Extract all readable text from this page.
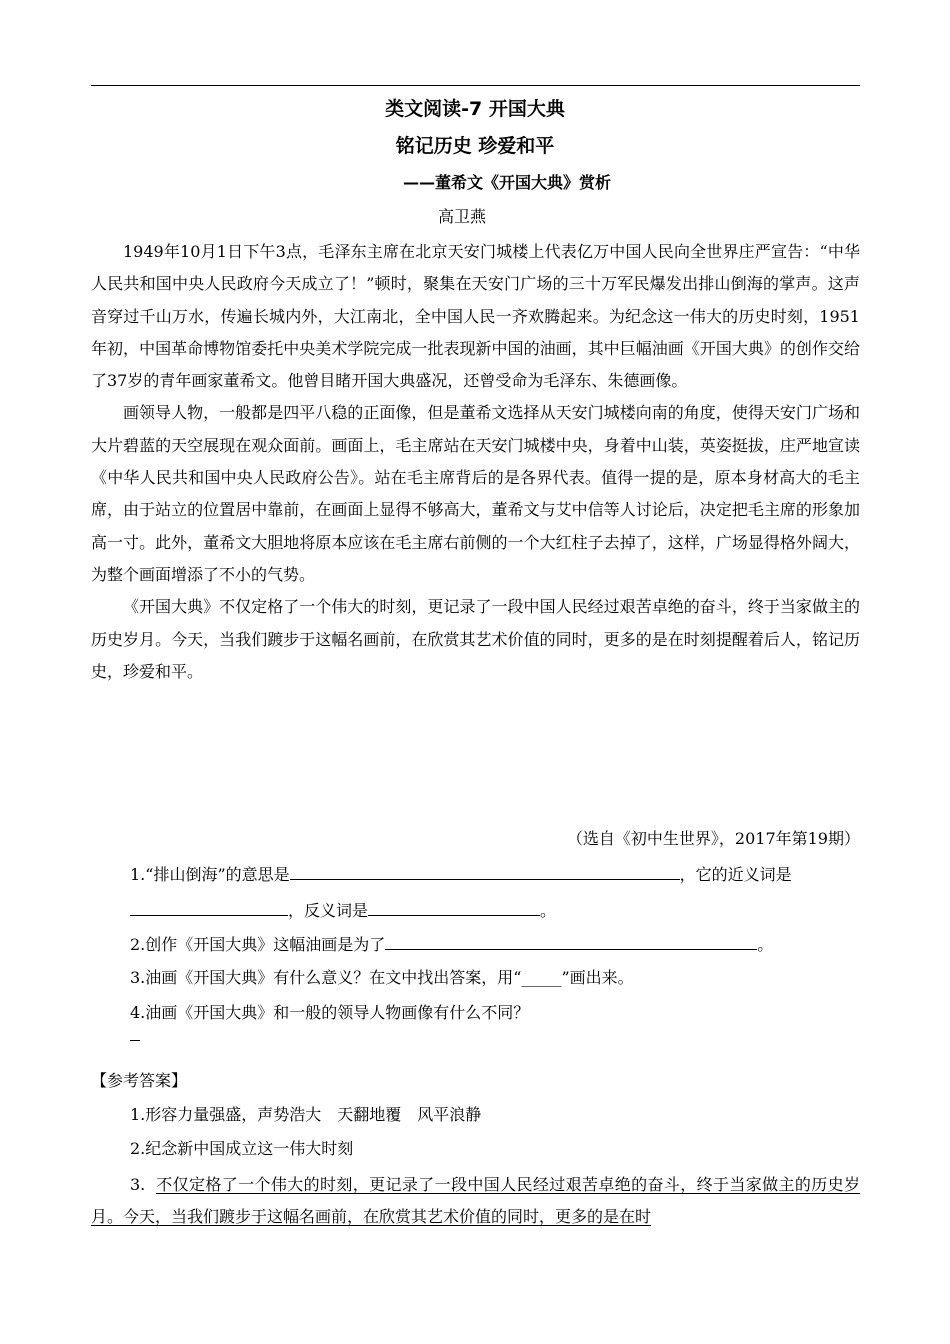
类文阅读-7 开国大典
铭记历史 珍爱和平
——董希文《开国大典》赏析
高卫燕

1949年10月1日下午3点，毛泽东主席在北京天安门城楼上代表亿万中国人民向全世界庄严宣告：“中华人民共和国中央人民政府今天成立了！”顿时，聚集在天安门广场的三十万军民爆发出排山倒海的掌声。这声音穿过千山万水，传遍长城内外，大江南北，全中国人民一齐欢腾起来。为纪念这一伟大的历史时刻，1951年初，中国革命博物馆委托中央美术学院完成一批表现新中国的油画，其中巨幅油画《开国大典》的创作交给了37岁的青年画家董希文。他曾目睹开国大典盛况，还曾受命为毛泽东、朱德画像。

画领导人物，一般都是四平八稳的正面像，但是董希文选择从天安门城楼向南的角度，使得天安门广场和大片碧蓝的天空展现在观众面前。画面上，毛主席站在天安门城楼中央，身着中山装，英姿挺拔，庄严地宣读《中华人民共和国中央人民政府公告》。站在毛主席背后的是各界代表。值得一提的是，原本身材高大的毛主席，由于站立的位置居中靠前，在画面上显得不够高大，董希文与艾中信等人讨论后，决定把毛主席的形象加高一寸。此外，董希文大胆地将原本应该在毛主席右前侧的一个大红柱子去掉了，这样，广场显得格外阔大，为整个画面增添了不小的气势。

《开国大典》不仅定格了一个伟大的时刻，更记录了一段中国人民经过艰苦卓绝的奋斗，终于当家做主的历史岁月。今天，当我们踱步于这幅名画前，在欣赏其艺术价值的同时，更多的是在时刻提醒着后人，铭记历史，珍爱和平。

（选自《初中生世界》，2017年第19期）
1.“排山倒海”的意思是	，它的近义词是
，反义词是	。
2.创作《开国大典》这幅油画是为了	。
3.油画《开国大典》有什么意义？在文中找出答案，用“_____”画出来。
4.油画《开国大典》和一般的领导人物画像有什么不同？
【参考答案】
1.形容力量强盛，声势浩大　天翻地覆　风平浪静
2.纪念新中国成立这一伟大时刻
3. 不仅定格了一个伟大的时刻，更记录了一段中国人民经过艰苦卓绝的奋斗，终于当家做主的历史岁月。今天，当我们踱步于这幅名画前，在欣赏其艺术价值的同时，更多的是在时
